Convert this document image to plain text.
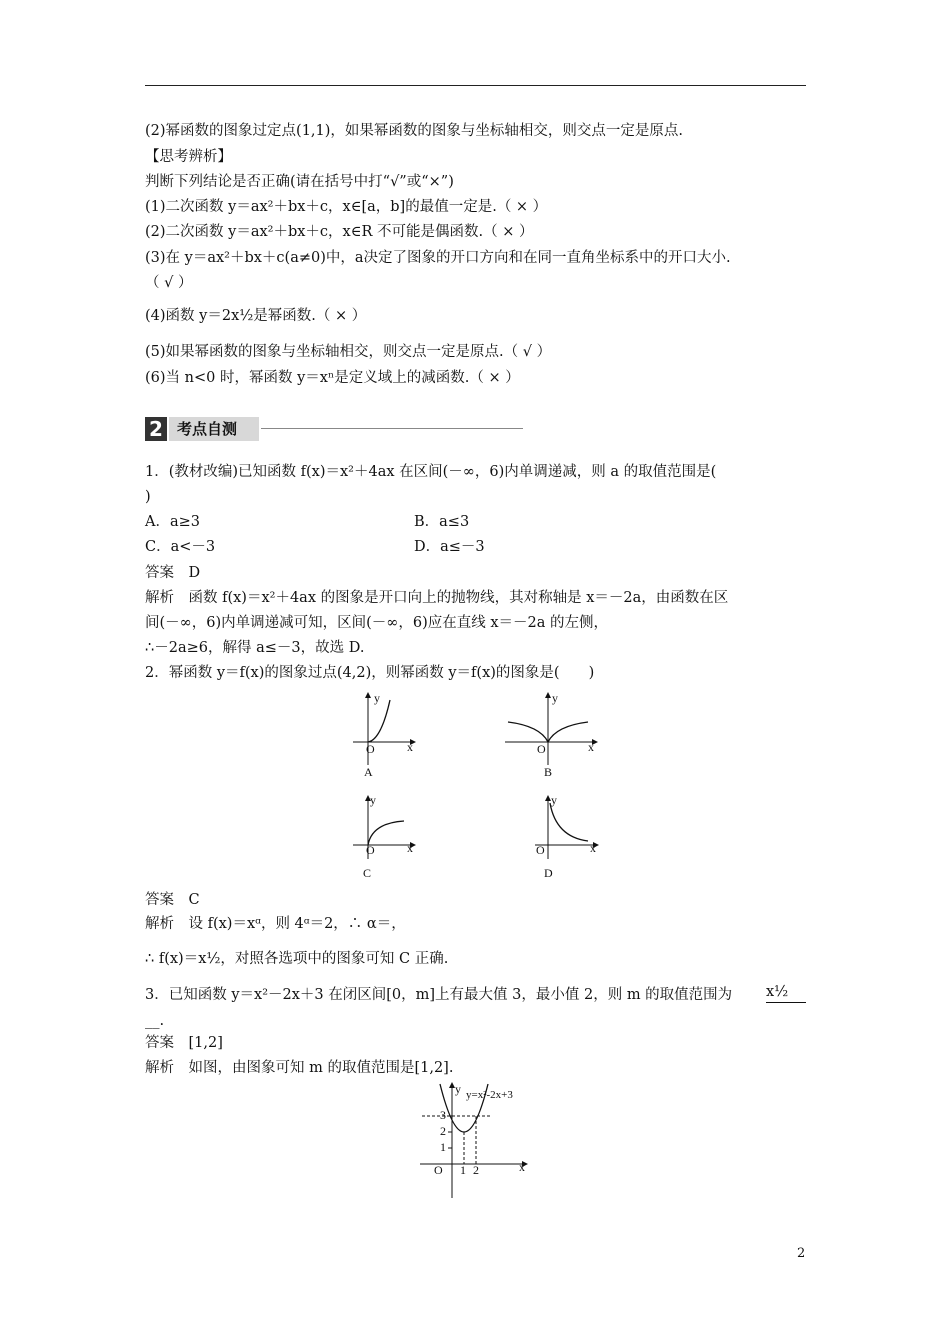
(2)幂函数的图象过定点(1,1)，如果幂函数的图象与坐标轴相交，则交点一定是原点.
【思考辨析】
判断下列结论是否正确(请在括号中打“√”或“×”)
(1)二次函数 y＝ax²＋bx＋c，x∈[a，b]的最值一定是.（ × ）
(2)二次函数 y＝ax²＋bx＋c，x∈R 不可能是偶函数.（ × ）
(3)在 y＝ax²＋bx＋c(a≠0)中，a决定了图象的开口方向和在同一直角坐标系中的开口大小.
（ √ ）
(4)函数 y＝2x½是幂函数.（ × ）
(5)如果幂函数的图象与坐标轴相交，则交点一定是原点.（ √ ）
(6)当 n<0 时，幂函数 y＝xⁿ是定义域上的减函数.（ × ）
2 考点自测
1．(教材改编)已知函数 f(x)＝x²＋4ax 在区间(－∞，6)内单调递减，则 a 的取值范围是(
)
A．a≥3	B．a≤3
C．a<－3	D．a≤－3
答案　D
解析　函数 f(x)＝x²＋4ax 的图象是开口向上的抛物线，其对称轴是 x＝－2a，由函数在区
间(－∞，6)内单调递减可知，区间(－∞，6)应在直线 x＝－2a 的左侧，
∴－2a≥6，解得 a≤－3，故选 D.
2．幂函数 y＝f(x)的图象过点(4,2)，则幂函数 y＝f(x)的图象是(　　)
y
O	x
A
y
O	x
B
y
O	x
C
y
O	x
D
答案　C
解析　设 f(x)＝xᵅ，则 4ᵅ＝2，∴ α＝，
∴ f(x)＝x½，对照各选项中的图象可知 C 正确.
3．已知函数 y＝x²－2x＋3 在闭区间[0，m]上有最大值 3，最小值 2，则 m 的取值范围为 x½
__.
答案　[1,2]
解析　如图，由图象可知 m 的取值范围是[1,2].
y y=x²-2x+3
3
2
1
O 1 2	x
2
